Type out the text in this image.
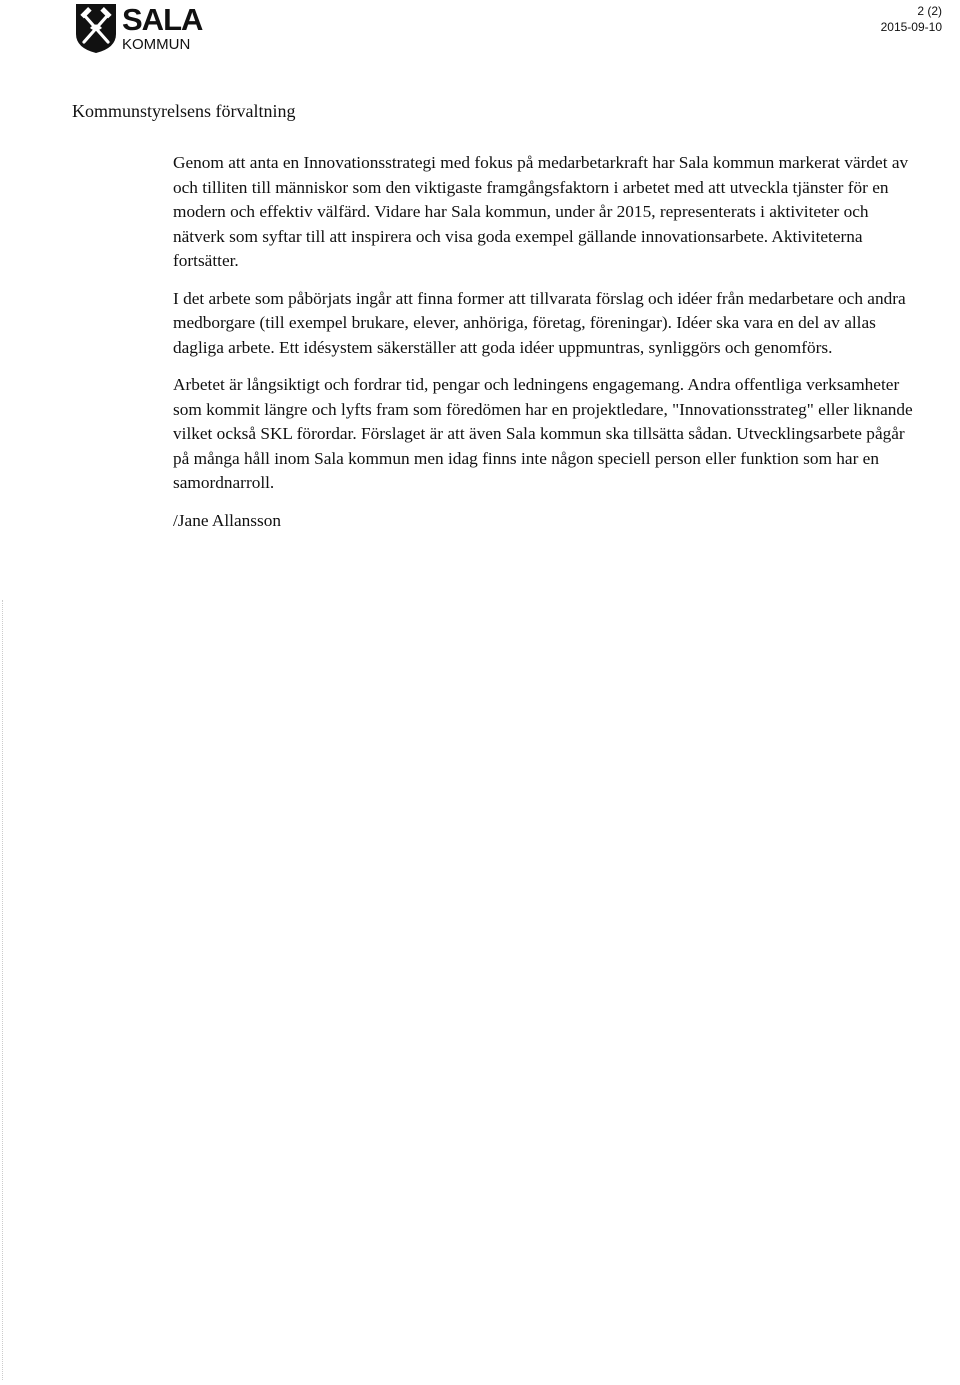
SALA
KOMMUN
2 (2)
2015-09-10
Kommunstyrelsens förvaltning

Genom att anta en Innovationsstrategi med fokus på medarbetarkraft har Sala kommun markerat värdet av och tilliten till människor som den viktigaste framgångsfaktorn i arbetet med att utveckla tjänster för en modern och effektiv välfärd. Vidare har Sala kommun, under år 2015, representerats i aktiviteter och nätverk som syftar till att inspirera och visa goda exempel gällande innovationsarbete. Aktiviteterna fortsätter.

I det arbete som påbörjats ingår att finna former att tillvarata förslag och idéer från medarbetare och andra medborgare (till exempel brukare, elever, anhöriga, företag, föreningar). Idéer ska vara en del av allas dagliga arbete. Ett idésystem säkerställer att goda idéer uppmuntras, synliggörs och genomförs.

Arbetet är långsiktigt och fordrar tid, pengar och ledningens engagemang. Andra offentliga verksamheter som kommit längre och lyfts fram som föredömen har en projektledare, "Innovationsstrateg" eller liknande vilket också SKL förordar. Förslaget är att även Sala kommun ska tillsätta sådan. Utvecklingsarbete pågår på många håll inom Sala kommun men idag finns inte någon speciell person eller funktion som har en samordnarroll.

/Jane Allansson
